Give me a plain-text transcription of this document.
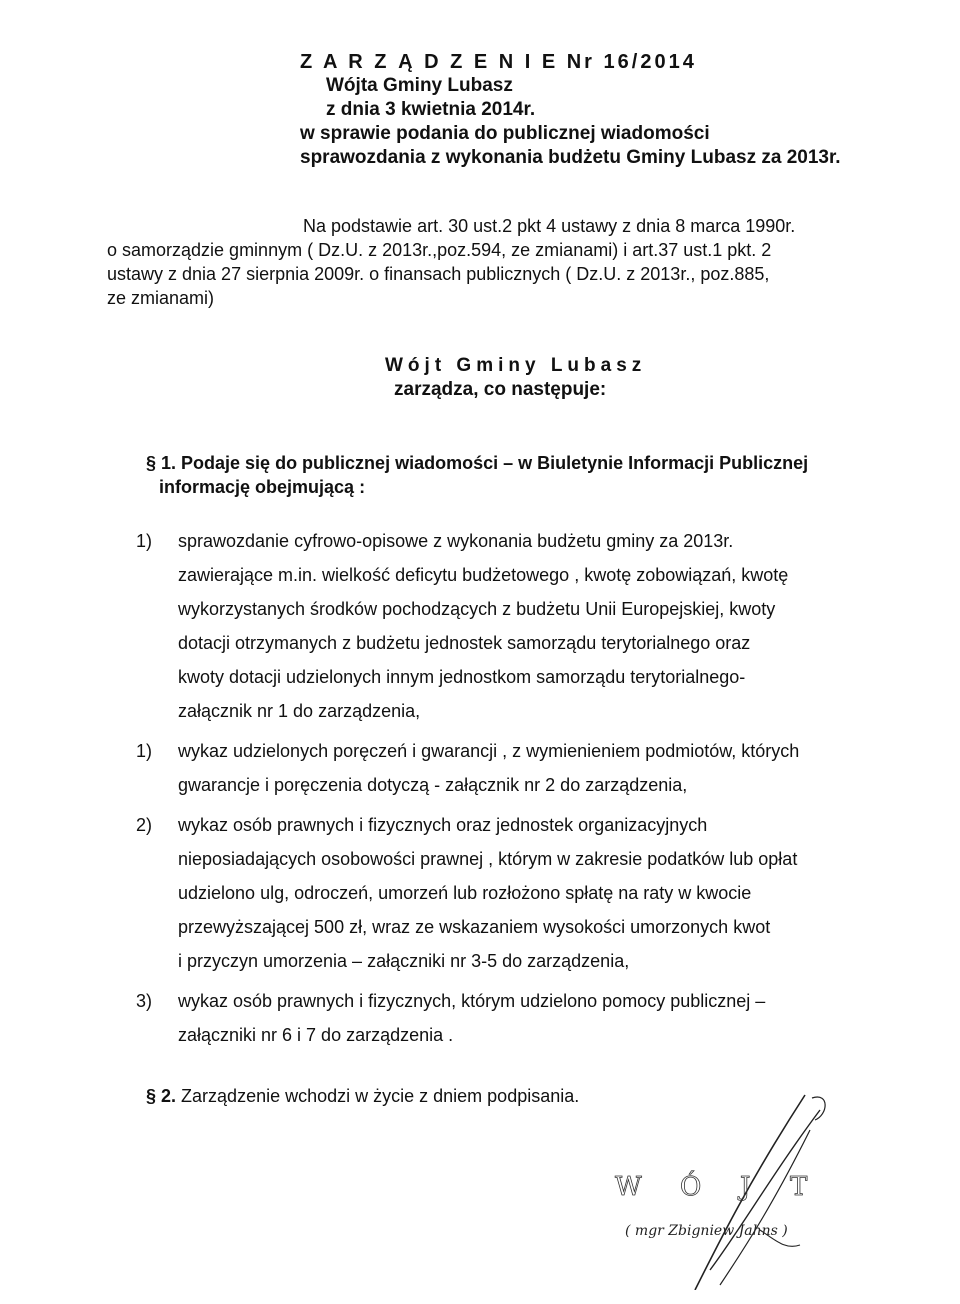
Z A R Z Ą D Z E N I E Nr 16/2014
Wójta Gminy Lubasz
z dnia 3 kwietnia 2014r.
w sprawie podania do publicznej wiadomości
sprawozdania z wykonania budżetu Gminy Lubasz za 2013r.
Na podstawie art. 30 ust.2 pkt 4 ustawy z dnia 8 marca 1990r.
o samorządzie gminnym ( Dz.U. z 2013r.,poz.594, ze zmianami) i art.37 ust.1 pkt. 2
ustawy z dnia 27 sierpnia 2009r. o finansach publicznych ( Dz.U. z 2013r., poz.885,
ze zmianami)
Wójt Gminy Lubasz
zarządza, co następuje:
§ 1. Podaje się do publicznej wiadomości – w Biuletynie Informacji Publicznej
informację obejmującą :
1)	sprawozdanie cyfrowo-opisowe z wykonania budżetu gminy za 2013r.
zawierające m.in. wielkość deficytu budżetowego , kwotę zobowiązań, kwotę
wykorzystanych środków pochodzących z budżetu Unii Europejskiej, kwoty
dotacji otrzymanych z budżetu jednostek samorządu terytorialnego oraz
kwoty dotacji udzielonych innym jednostkom samorządu terytorialnego-
załącznik nr 1 do zarządzenia,
1)	wykaz udzielonych poręczeń i gwarancji , z wymienieniem podmiotów, których
gwarancje i poręczenia dotyczą - załącznik nr 2 do zarządzenia,
2)	wykaz osób prawnych i fizycznych oraz jednostek organizacyjnych
nieposiadających osobowości prawnej , którym w zakresie podatków lub opłat
udzielono ulg, odroczeń, umorzeń lub rozłożono spłatę na raty w kwocie
przewyższającej 500 zł, wraz ze wskazaniem wysokości umorzonych kwot
i przyczyn umorzenia – załączniki nr 3-5 do zarządzenia,
3)	wykaz osób prawnych i fizycznych, którym udzielono pomocy publicznej –
załączniki nr 6 i 7 do zarządzenia .
§ 2. Zarządzenie wchodzi w życie z dniem podpisania.
W Ó J T
( mgr Zbigniew Jahns )
